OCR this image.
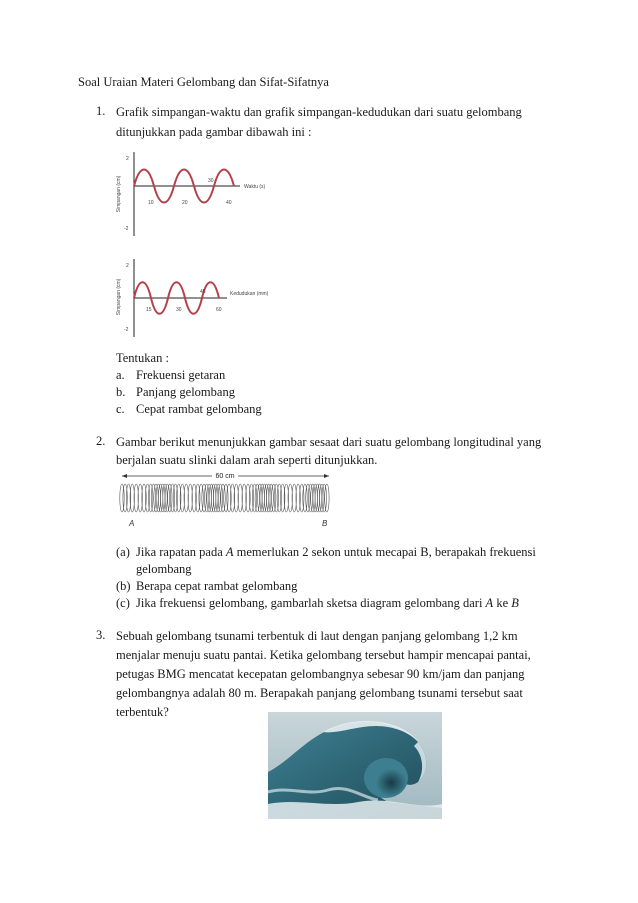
Soal Uraian Materi Gelombang dan Sifat-Sifatnya
1. Grafik simpangan-waktu dan grafik simpangan-kedudukan dari suatu gelombang
ditunjukkan pada gambar dibawah ini :
Simpangan (cm)
2
-2
Waktu (s)
10	20
30
40
Simpangan (cm)
2
-2
Kedudukan (mm)
15	30
45
60
Tentukan :
a. Frekuensi getaran
b. Panjang gelombang
c. Cepat rambat gelombang
2. Gambar berikut menunjukkan gambar sesaat dari suatu gelombang longitudinal yang
berjalan suatu slinki dalam arah seperti ditunjukkan.
60 cm
A	B
(a) Jika rapatan pada A memerlukan 2 sekon untuk mecapai B, berapakah frekuensi
gelombang
(b) Berapa cepat rambat gelombang
(c) Jika frekuensi gelombang, gambarlah sketsa diagram gelombang dari A ke B
3. Sebuah gelombang tsunami terbentuk di laut dengan panjang gelombang 1,2 km
menjalar menuju suatu pantai. Ketika gelombang tersebut hampir mencapai pantai,
petugas BMG mencatat kecepatan gelombangnya sebesar 90 km/jam dan panjang
gelombangnya adalah 80 m. Berapakah panjang gelombang tsunami tersebut saat
terbentuk?
